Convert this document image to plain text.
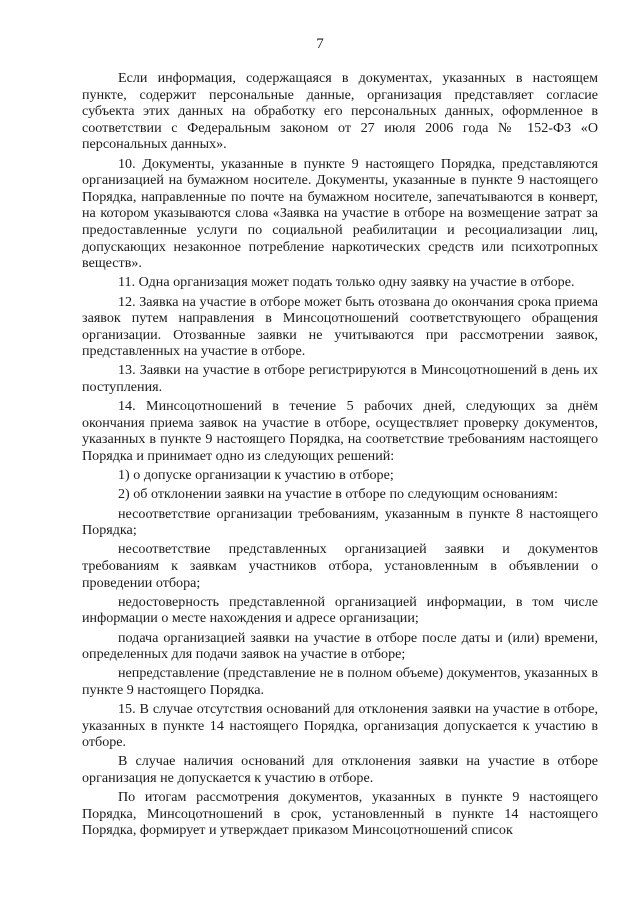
7

Если информация, содержащаяся в документах, указанных в настоящем пункте, содержит персональные данные, организация представляет согласие субъекта этих данных на обработку его персональных данных, оформленное в соответствии с Федеральным законом от 27 июля 2006 года № 152-ФЗ «О персональных данных».

10. Документы, указанные в пункте 9 настоящего Порядка, представляются организацией на бумажном носителе. Документы, указанные в пункте 9 настоящего Порядка, направленные по почте на бумажном носителе, запечатываются в конверт, на котором указываются слова «Заявка на участие в отборе на возмещение затрат за предоставленные услуги по социальной реабилитации и ресоциализации лиц, допускающих незаконное потребление наркотических средств или психотропных веществ».

11. Одна организация может подать только одну заявку на участие в отборе.

12. Заявка на участие в отборе может быть отозвана до окончания срока приема заявок путем направления в Минсоцотношений соответствующего обращения организации. Отозванные заявки не учитываются при рассмотрении заявок, представленных на участие в отборе.

13. Заявки на участие в отборе регистрируются в Минсоцотношений в день их поступления.

14. Минсоцотношений в течение 5 рабочих дней, следующих за днём окончания приема заявок на участие в отборе, осуществляет проверку документов, указанных в пункте 9 настоящего Порядка, на соответствие требованиям настоящего Порядка и принимает одно из следующих решений:

1) о допуске организации к участию в отборе;

2) об отклонении заявки на участие в отборе по следующим основаниям:

несоответствие организации требованиям, указанным в пункте 8 настоящего Порядка;

несоответствие представленных организацией заявки и документов требованиям к заявкам участников отбора, установленным в объявлении о проведении отбора;

недостоверность представленной организацией информации, в том числе информации о месте нахождения и адресе организации;

подача организацией заявки на участие в отборе после даты и (или) времени, определенных для подачи заявок на участие в отборе;

непредставление (представление не в полном объеме) документов, указанных в пункте 9 настоящего Порядка.

15. В случае отсутствия оснований для отклонения заявки на участие в отборе, указанных в пункте 14 настоящего Порядка, организация допускается к участию в отборе.

В случае наличия оснований для отклонения заявки на участие в отборе организация не допускается к участию в отборе.

По итогам рассмотрения документов, указанных в пункте 9 настоящего Порядка, Минсоцотношений в срок, установленный в пункте 14 настоящего Порядка, формирует и утверждает приказом Минсоцотношений список
